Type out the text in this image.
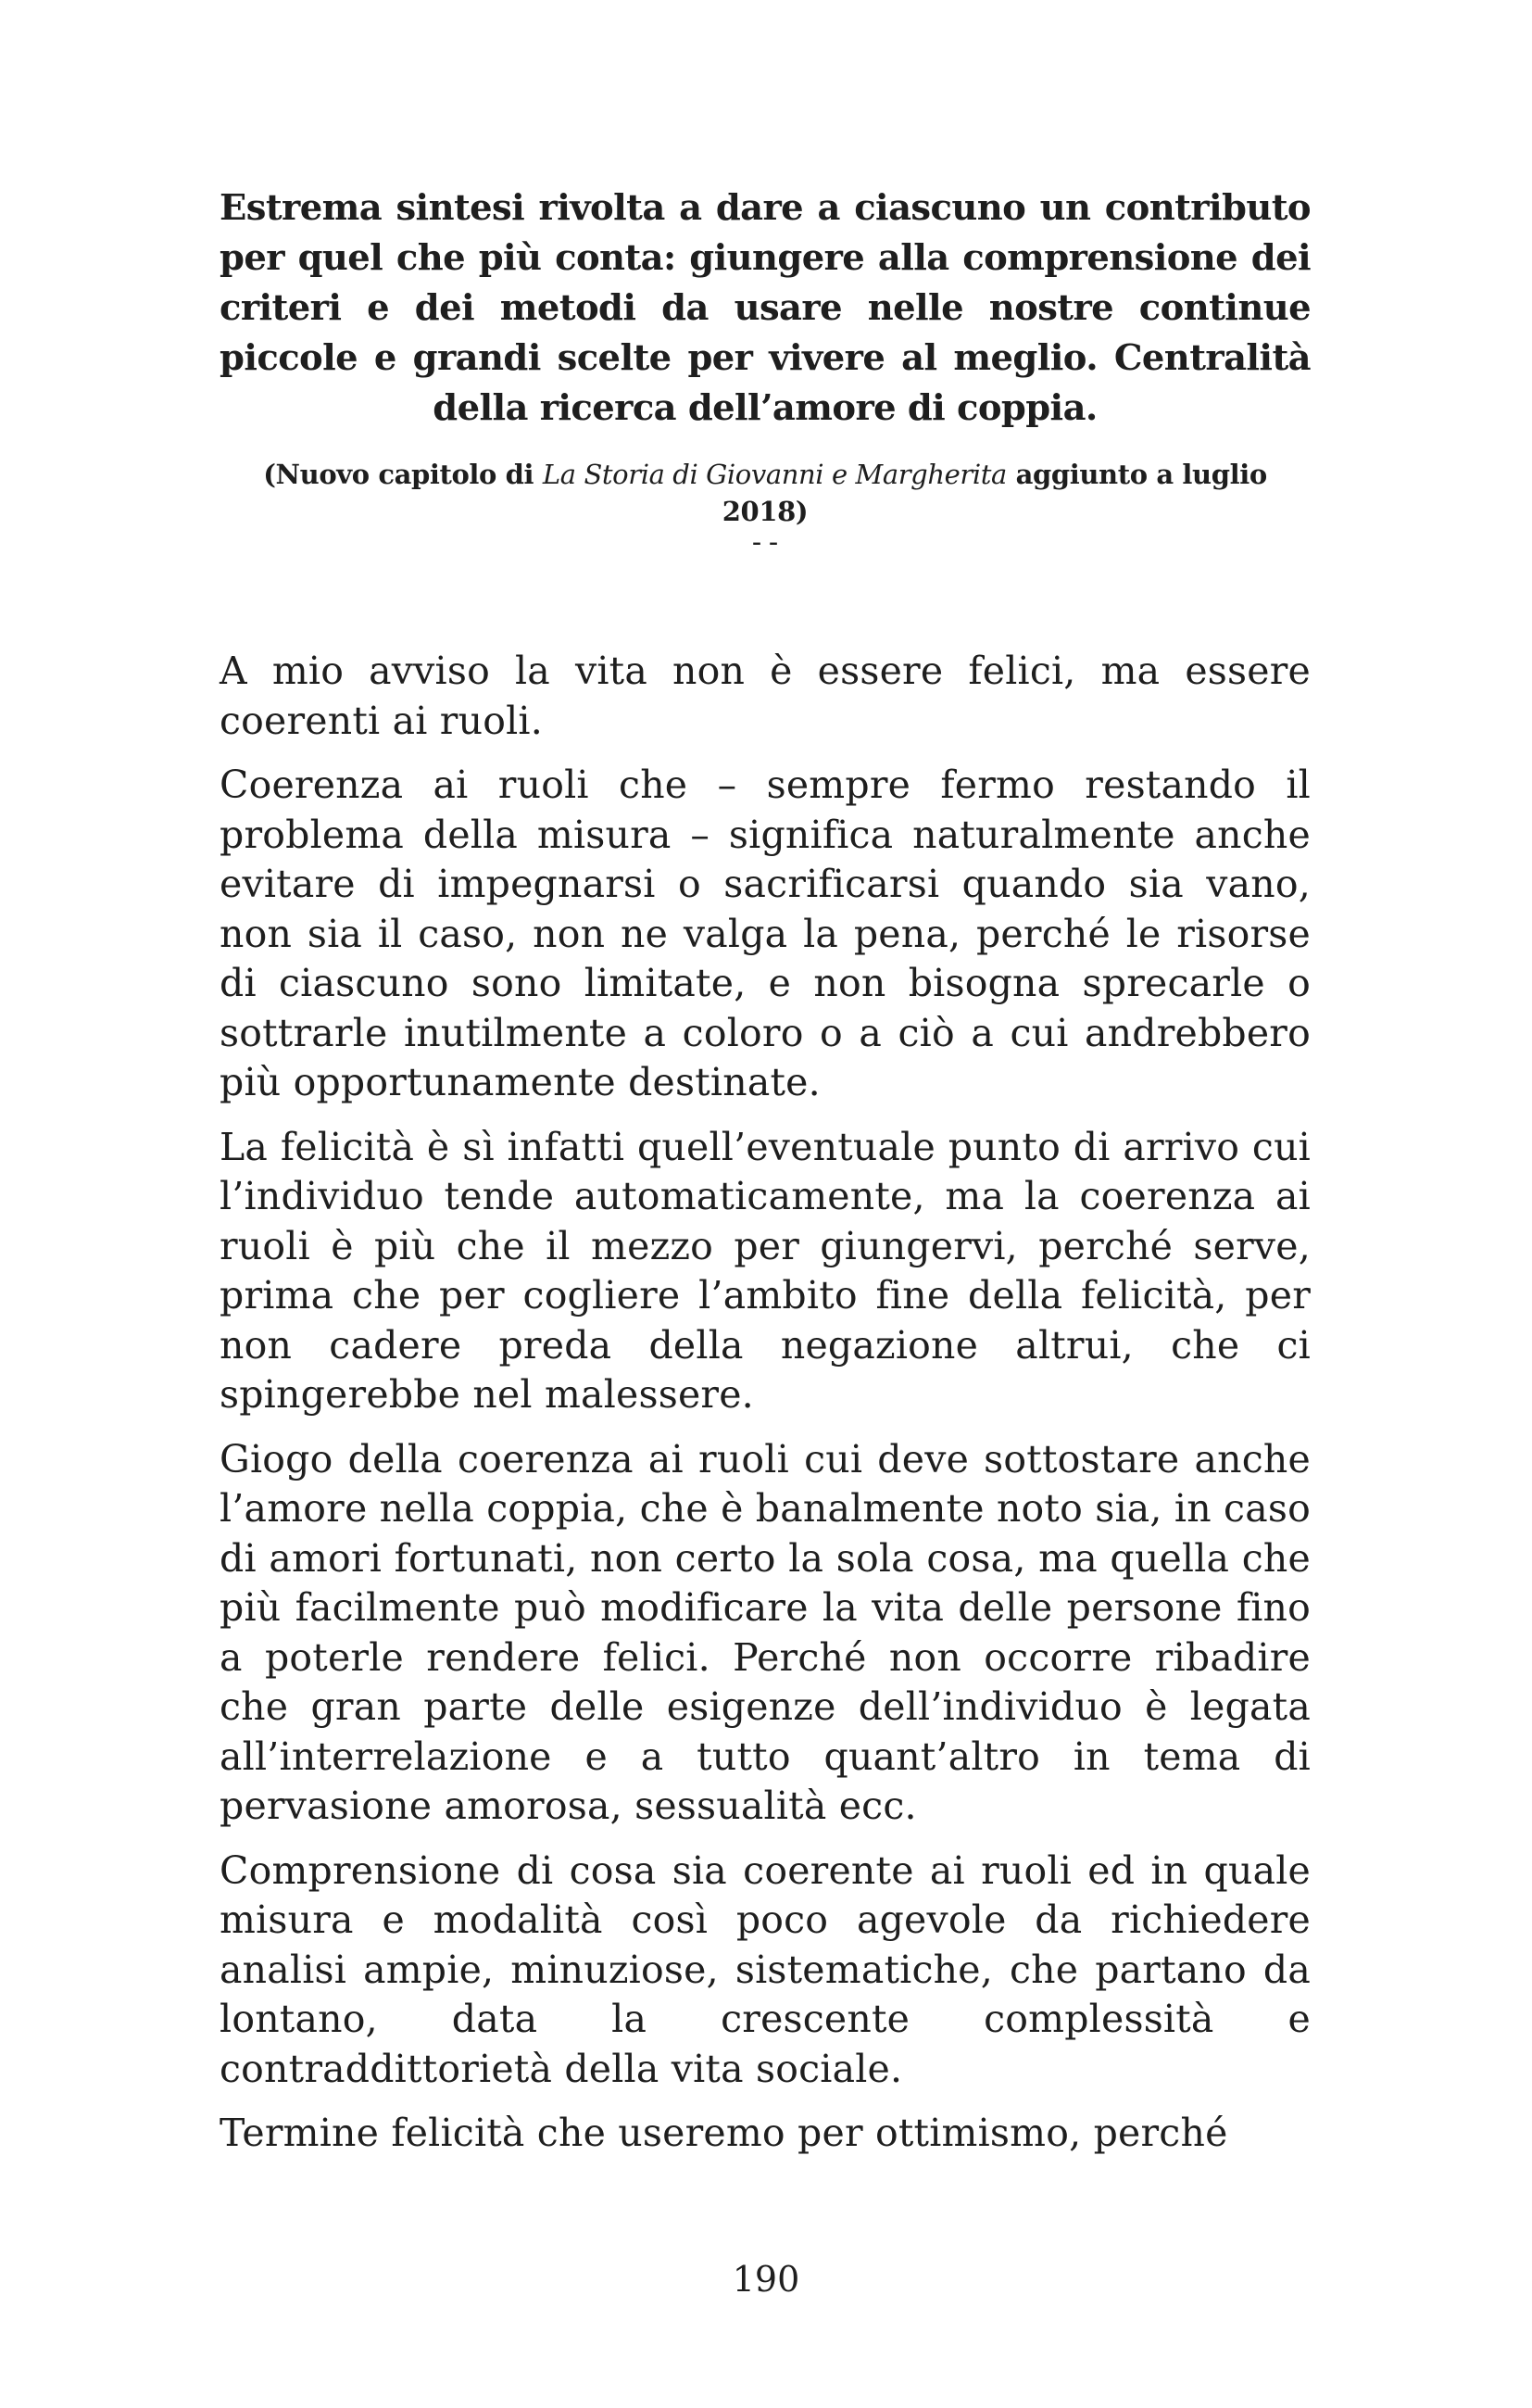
Estrema sintesi rivolta a dare a ciascuno un contributo per quel che più conta: giungere alla comprensione dei criteri e dei metodi da usare nelle nostre continue piccole e grandi scelte per vivere al meglio. Centralità della ricerca dell’amore di coppia.
(Nuovo capitolo di La Storia di Giovanni e Margherita aggiunto a luglio 2018)
--

A mio avviso la vita non è essere felici, ma essere coerenti ai ruoli.

Coerenza ai ruoli che – sempre fermo restando il problema della misura – significa naturalmente anche evitare di impegnarsi o sacrificarsi quando sia vano, non sia il caso, non ne valga la pena, perché le risorse di ciascuno sono limitate, e non bisogna sprecarle o sottrarle inutilmente a coloro o a ciò a cui andrebbero più opportunamente destinate.

La felicità è sì infatti quell’eventuale punto di arrivo cui l’individuo tende automaticamente, ma la coerenza ai ruoli è più che il mezzo per giungervi, perché serve, prima che per cogliere l’ambito fine della felicità, per non cadere preda della negazione altrui, che ci spingerebbe nel malessere.

Giogo della coerenza ai ruoli cui deve sottostare anche l’amore nella coppia, che è banalmente noto sia, in caso di amori fortunati, non certo la sola cosa, ma quella che più facilmente può modificare la vita delle persone fino a poterle rendere felici. Perché non occorre ribadire che gran parte delle esigenze dell’individuo è legata all’interrelazione e a tutto quant’altro in tema di pervasione amorosa, sessualità ecc.

Comprensione di cosa sia coerente ai ruoli ed in quale misura e modalità così poco agevole da richiedere analisi ampie, minuziose, sistematiche, che partano da lontano, data la crescente complessità e contraddittorietà della vita sociale.

Termine felicità che useremo per ottimismo, perché

190
